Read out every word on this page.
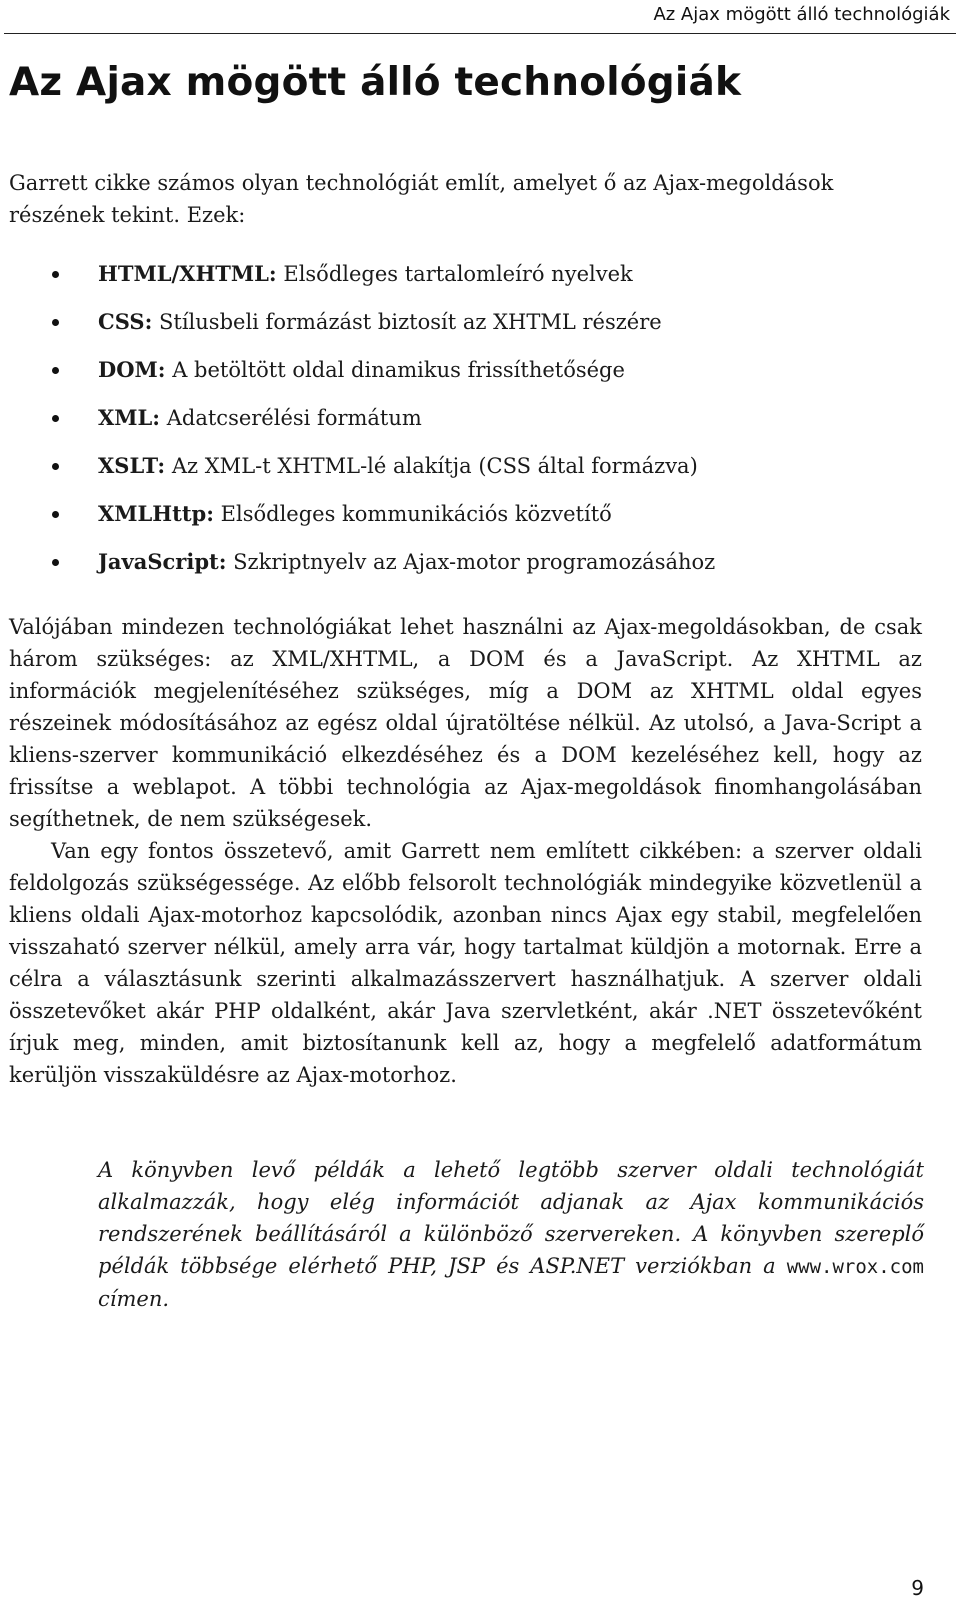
Az Ajax mögött álló technológiák
Az Ajax mögött álló technológiák

Garrett cikke számos olyan technológiát említ, amelyet ő az Ajax-megoldások részének tekint. Ezek:

HTML/XHTML: Elsődleges tartalomleíró nyelvek
CSS: Stílusbeli formázást biztosít az XHTML részére
DOM: A betöltött oldal dinamikus frissíthetősége
XML: Adatcserélési formátum
XSLT: Az XML-t XHTML-lé alakítja (CSS által formázva)
XMLHttp: Elsődleges kommunikációs közvetítő
JavaScript: Szkriptnyelv az Ajax-motor programozásához

Valójában mindezen technológiákat lehet használni az Ajax-megoldásokban, de csak három szükséges: az XML/XHTML, a DOM és a JavaScript. Az XHTML az információk megjelenítéséhez szükséges, míg a DOM az XHTML oldal egyes részeinek módosításához az egész oldal újratöltése nélkül. Az utolsó, a Java-Script a kliens-szerver kommunikáció elkezdéséhez és a DOM kezeléséhez kell, hogy az frissítse a weblapot. A többi technológia az Ajax-megoldások finomhangolásában segíthetnek, de nem szükségesek.

Van egy fontos összetevő, amit Garrett nem említett cikkében: a szerver oldali feldolgozás szükségessége. Az előbb felsorolt technológiák mindegyike közvetlenül a kliens oldali Ajax-motorhoz kapcsolódik, azonban nincs Ajax egy stabil, megfelelően visszaható szerver nélkül, amely arra vár, hogy tartalmat küldjön a motornak. Erre a célra a választásunk szerinti alkalmazásszervert használhatjuk. A szerver oldali összetevőket akár PHP oldalként, akár Java szervletként, akár .NET összetevőként írjuk meg, minden, amit biztosítanunk kell az, hogy a megfelelő adatformátum kerüljön visszaküldésre az Ajax-motorhoz.

A könyvben levő példák a lehető legtöbb szerver oldali technológiát alkalmazzák, hogy elég információt adjanak az Ajax kommunikációs rendszerének beállításáról a különböző szervereken. A könyvben szereplő példák többsége elérhető PHP, JSP és ASP.NET verziókban a www.wrox.com címen.

9
